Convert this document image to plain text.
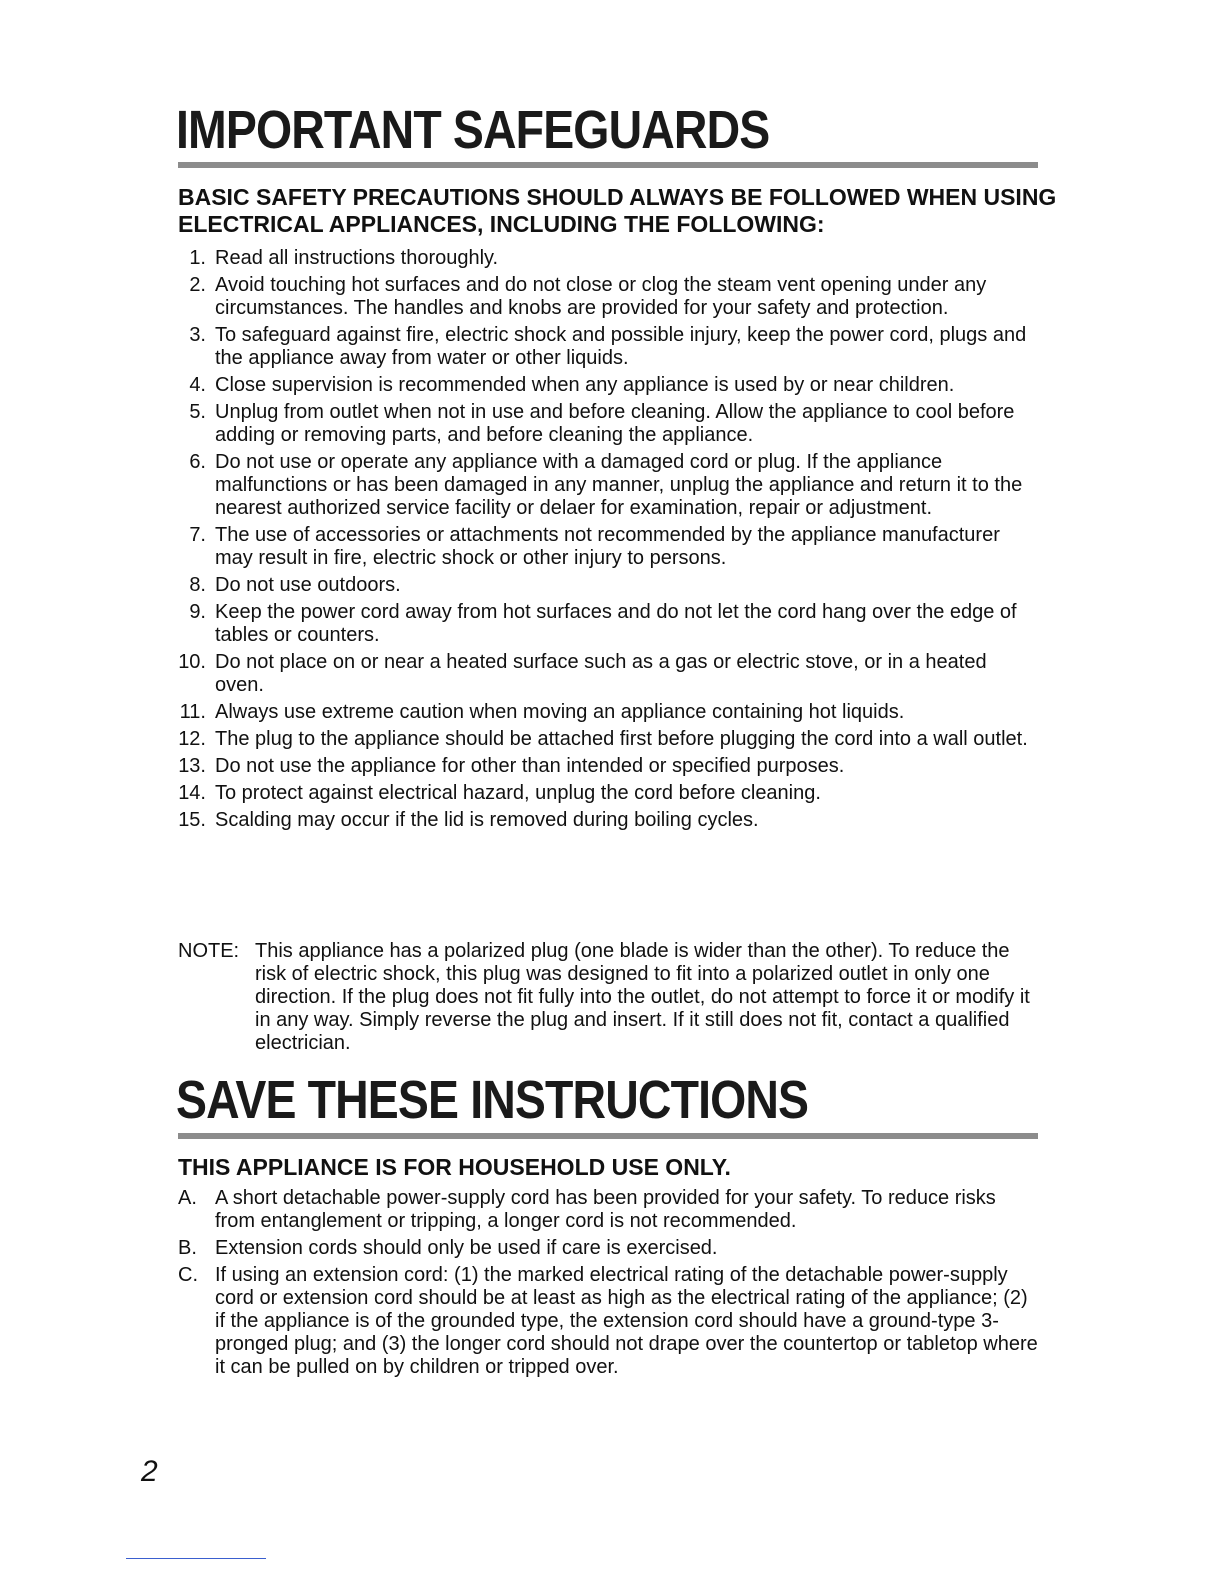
IMPORTANT SAFEGUARDS
BASIC SAFETY PRECAUTIONS SHOULD ALWAYS BE FOLLOWED WHEN USING ELECTRICAL APPLIANCES, INCLUDING THE FOLLOWING:
1. Read all instructions thoroughly.
2. Avoid touching hot surfaces and do not close or clog the steam vent opening under any circumstances. The handles and knobs are provided for your safety and protection.
3. To safeguard against fire, electric shock and possible injury, keep the power cord, plugs and the appliance away from water or other liquids.
4. Close supervision is recommended when any appliance is used by or near children.
5. Unplug from outlet when not in use and before cleaning. Allow the appliance to cool before adding or removing parts, and before cleaning the appliance.
6. Do not use or operate any appliance with a damaged cord or plug. If the appliance malfunctions or has been damaged in any manner, unplug the appliance and return it to the nearest authorized service facility or delaer for examination, repair or adjustment.
7. The use of accessories or attachments not recommended by the appliance manufacturer may result in fire, electric shock or other injury to persons.
8. Do not use outdoors.
9. Keep the power cord away from hot surfaces and do not let the cord hang over the edge of tables or counters.
10. Do not place on or near a heated surface such as a gas or electric stove, or in a heated oven.
11. Always use extreme caution when moving an appliance containing hot liquids.
12. The plug to the appliance should be attached first before plugging the cord into a wall outlet.
13. Do not use the appliance for other than intended or specified purposes.
14. To protect against electrical hazard, unplug the cord before cleaning.
15. Scalding may occur if the lid is removed during boiling cycles.
NOTE: This appliance has a polarized plug (one blade is wider than the other). To reduce the risk of electric shock, this plug was designed to fit into a polarized outlet in only one direction. If the plug does not fit fully into the outlet, do not attempt to force it or modify it in any way. Simply reverse the plug and insert. If it still does not fit, contact a qualified electrician.
SAVE THESE INSTRUCTIONS
THIS APPLIANCE IS FOR HOUSEHOLD USE ONLY.
A. A short detachable power-supply cord has been provided for your safety. To reduce risks from entanglement or tripping, a longer cord is not recommended.
B. Extension cords should only be used if care is exercised.
C. If using an extension cord: (1) the marked electrical rating of the detachable power-supply cord or extension cord should be at least as high as the electrical rating of the appliance; (2) if the appliance is of the grounded type, the extension cord should have a ground-type 3-pronged plug; and (3) the longer cord should not drape over the countertop or tabletop where it can be pulled on by children or tripped over.
2
